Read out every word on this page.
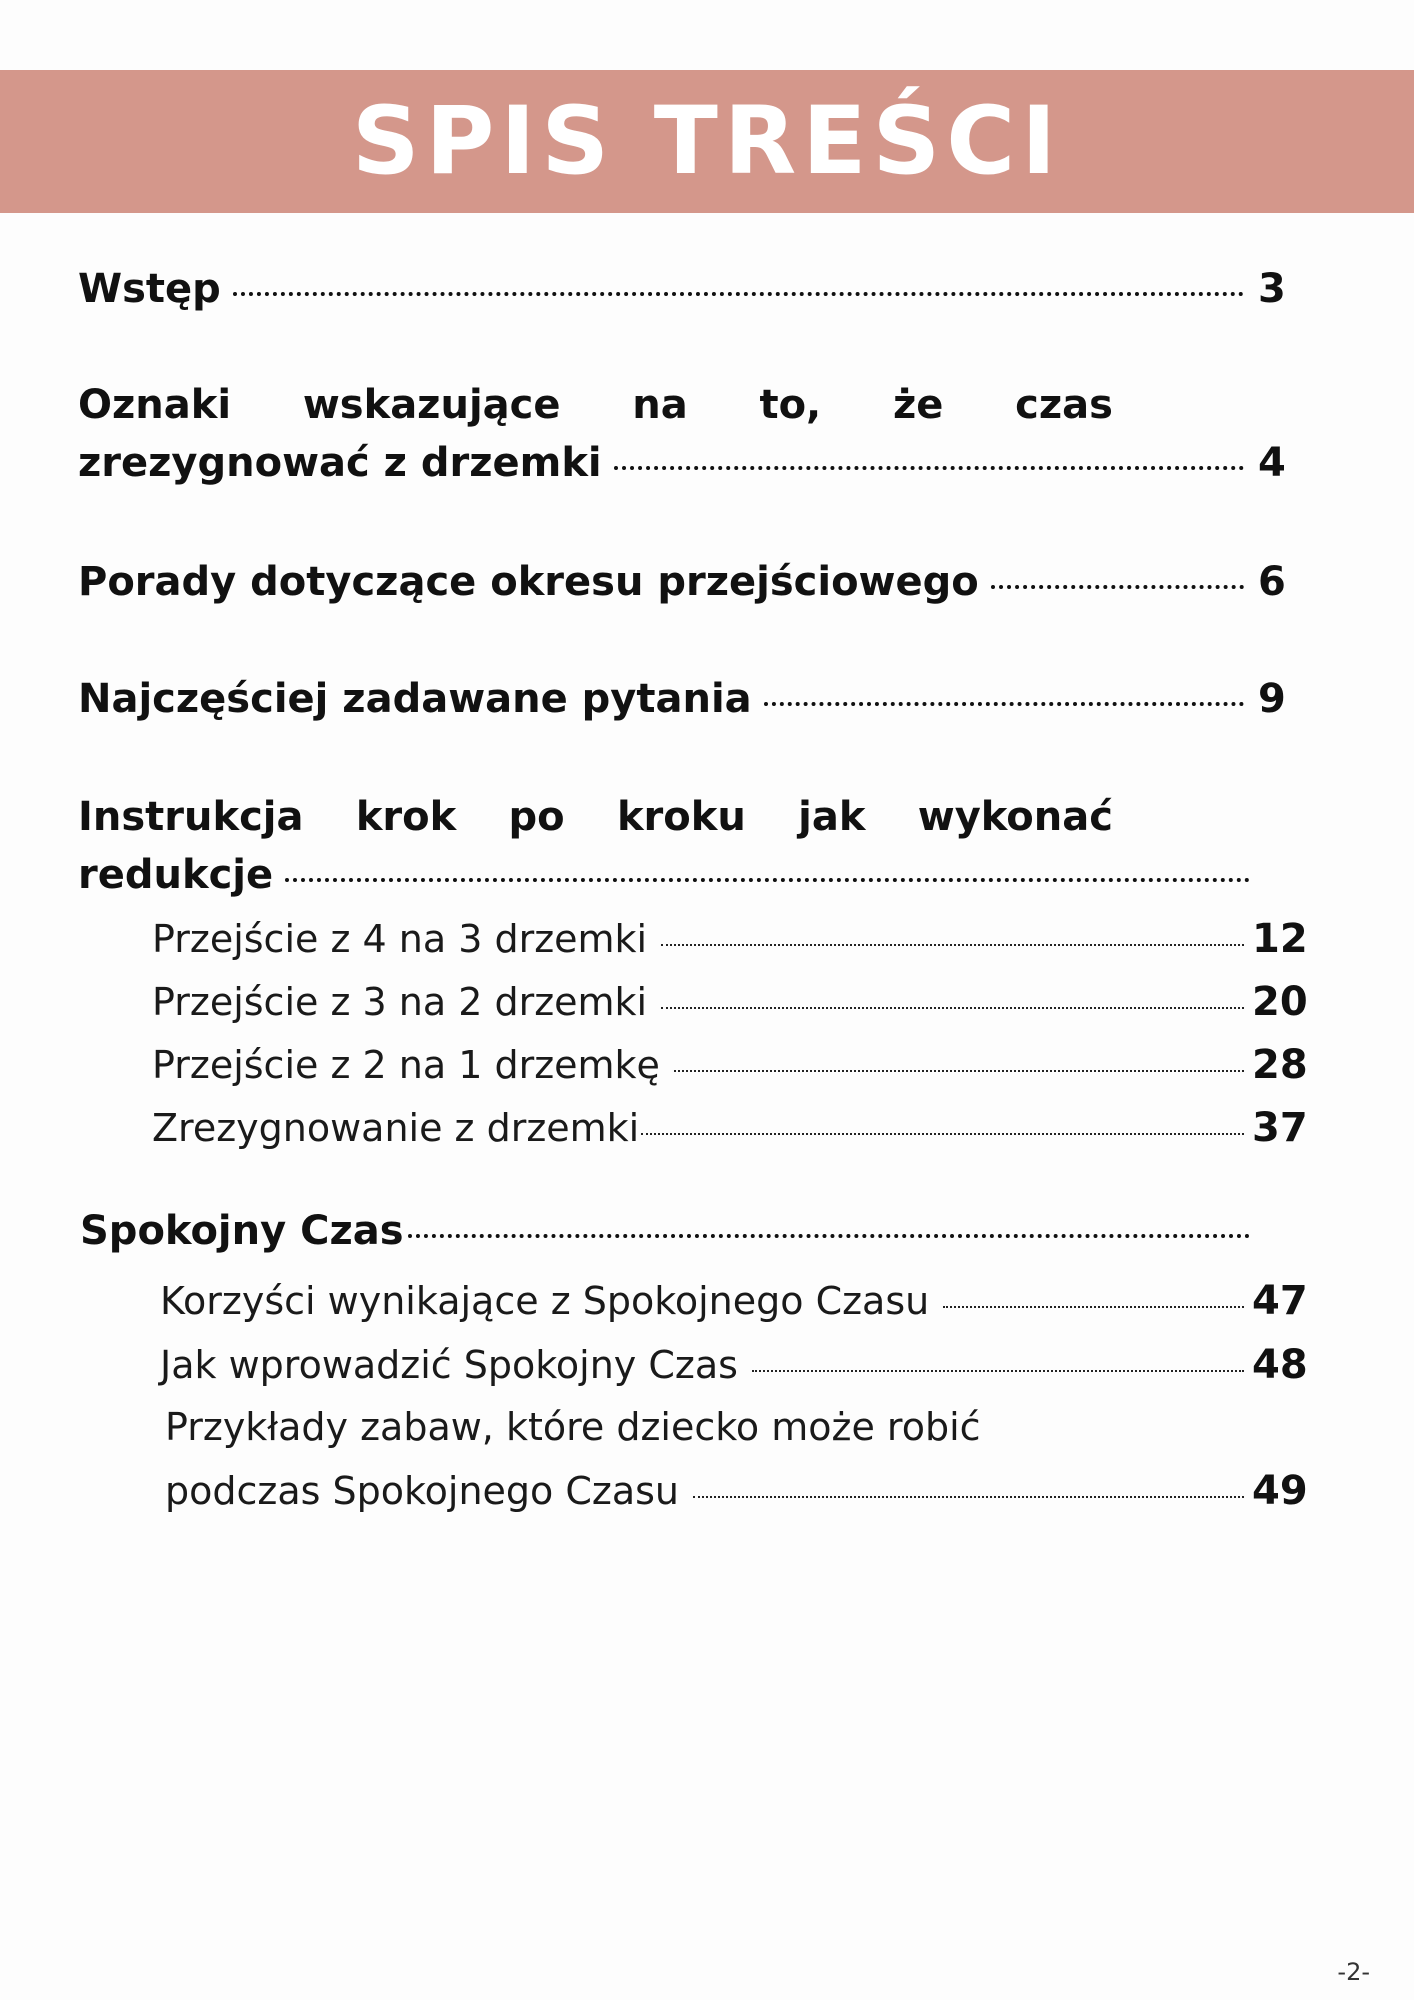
SPIS TREŚCI
Wstęp	3
Oznaki wskazujące na to, że czas
zrezygnować z drzemki	4
Porady dotyczące okresu przejściowego	6
Najczęściej zadawane pytania	9
Instrukcja krok po kroku jak wykonać
redukcje
Przejście z 4 na 3 drzemki	12
Przejście z 3 na 2 drzemki	20
Przejście z 2 na 1 drzemkę	28
Zrezygnowanie z drzemki	37
Spokojny Czas
Korzyści wynikające z Spokojnego Czasu	47
Jak wprowadzić Spokojny Czas	48
Przykłady zabaw, które dziecko może robić
podczas Spokojnego Czasu	49
-2-
